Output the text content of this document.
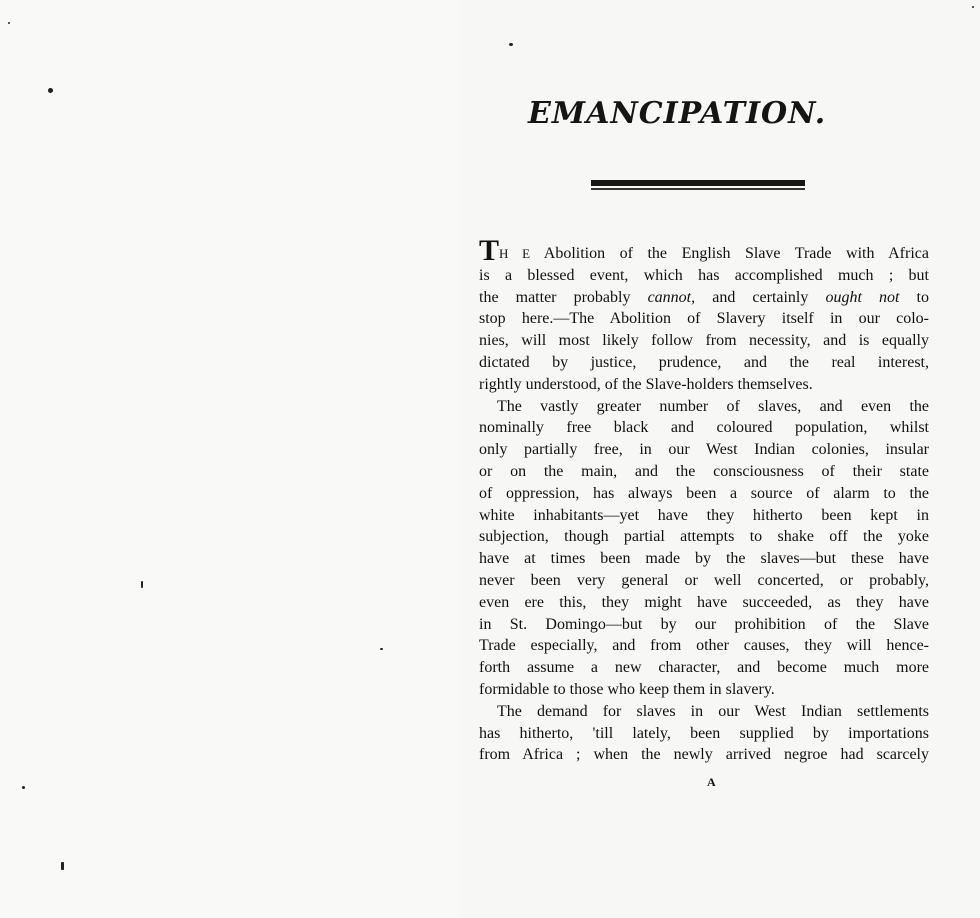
EMANCIPATION.
TH E Abolition of the English Slave Trade with Africa
is a blessed event, which has accomplished much ; but
the matter probably cannot, and certainly ought not to
stop here.—The Abolition of Slavery itself in our colo-
nies, will most likely follow from necessity, and is equally
dictated by justice, prudence, and the real interest,
rightly understood, of the Slave-holders themselves.
The vastly greater number of slaves, and even the
nominally free black and coloured population, whilst
only partially free, in our West Indian colonies, insular
or on the main, and the consciousness of their state
of oppression, has always been a source of alarm to the
white inhabitants—yet have they hitherto been kept in
subjection, though partial attempts to shake off the yoke
have at times been made by the slaves—but these have
never been very general or well concerted, or probably,
even ere this, they might have succeeded, as they have
in St. Domingo—but by our prohibition of the Slave
Trade especially, and from other causes, they will hence-
forth assume a new character, and become much more
formidable to those who keep them in slavery.
The demand for slaves in our West Indian settlements
has hitherto, 'till lately, been supplied by importations
from Africa ; when the newly arrived negroe had scarcely
A
